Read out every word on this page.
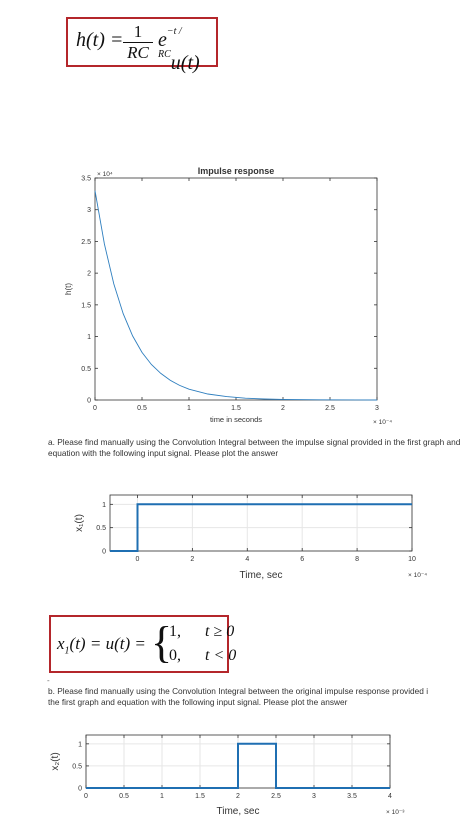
h(t) = 1
RC
$e^{-t / RC}u(t)$
0	0.5	1	1.5	2	2.5	3
0
0.5
1
1.5
2
2.5
3
3.5
Impulse response
time in seconds
h(t)
× 10⁻⁴
× 10⁴
a. Please find manually using the Convolution Integral between the impulse signal provided in the first graph and equation with the following input signal. Please plot the answer
0	2	4	6	8	10
0
0.5
1
Time, sec
x₁(t)
× 10⁻⁴
$x_1(t) = u(t)$ = {
1, t ≥ 0
0, t < 0
-
b. Please find manually using the Convolution Integral between the original impulse response provided i
the first graph and equation with the following input signal. Please plot the answer
0	0.5	1	1.5	2	2.5	3	3.5	4
0
0.5
1
Time, sec
x₂(t)
× 10⁻³
